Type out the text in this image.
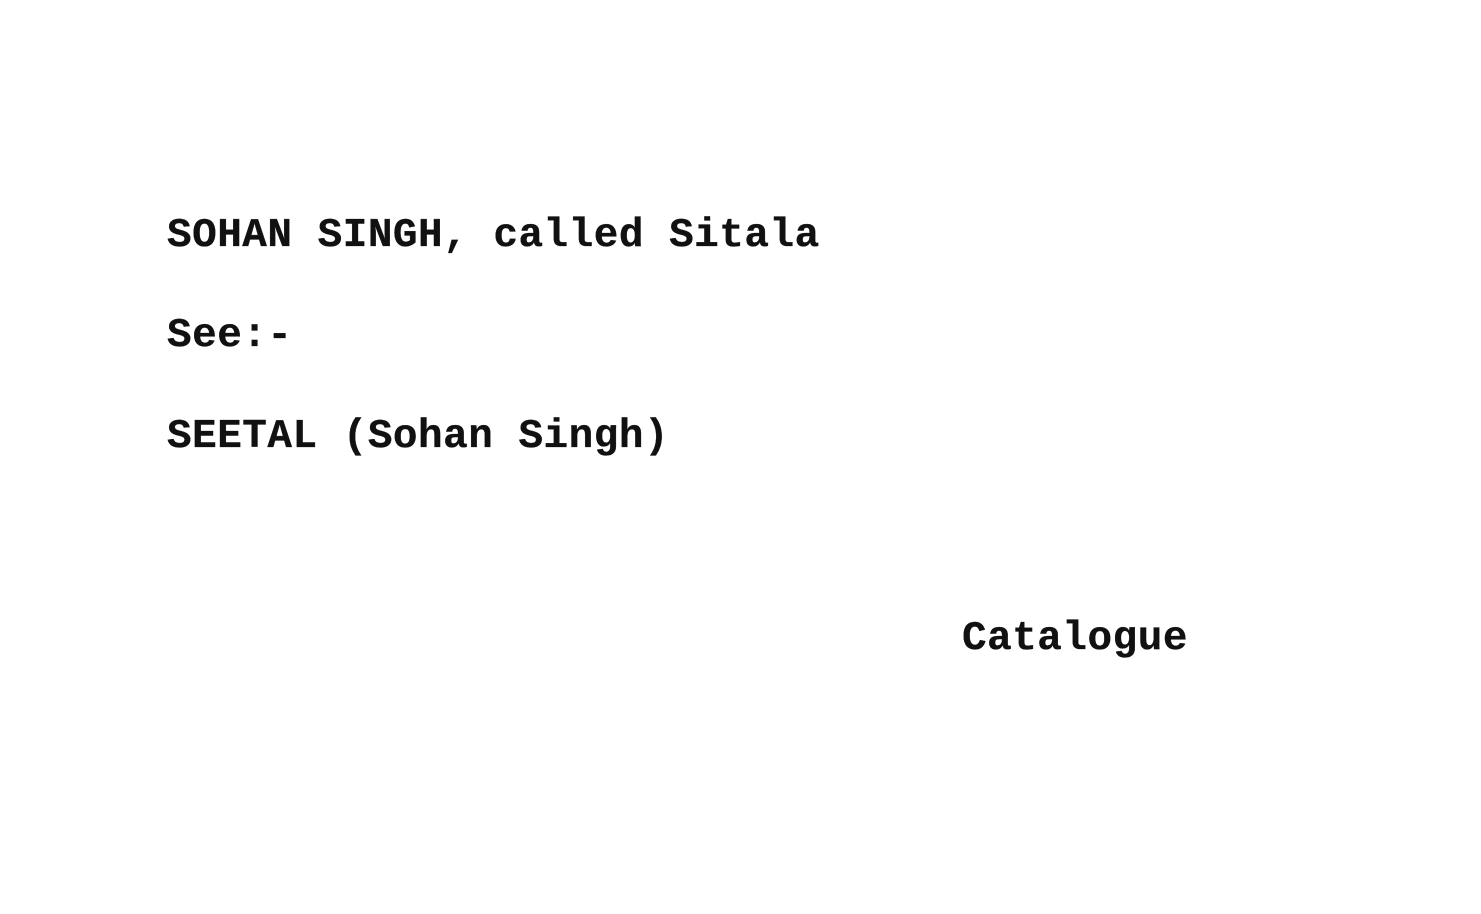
SOHAN SINGH, called Sitala

See:-

SEETAL (Sohan Singh)

Catalogue
